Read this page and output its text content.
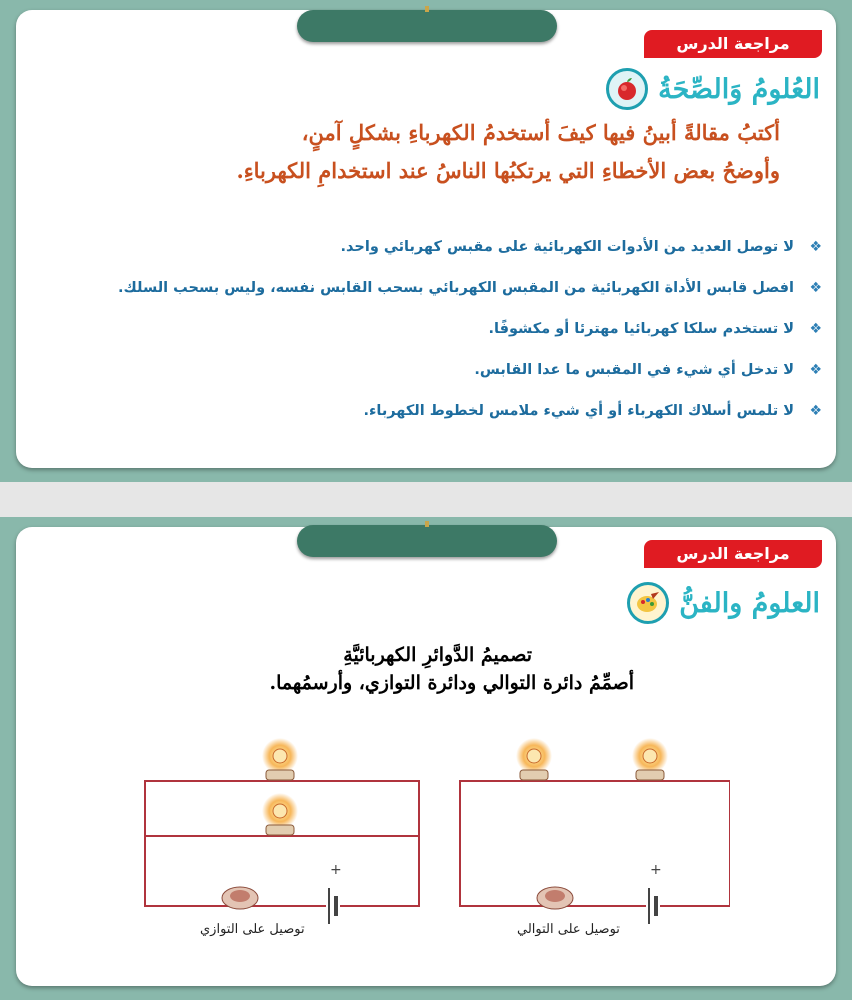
مراجعة الدرس
العُلومُ وَالصِّحَةُ
أكتبُ مقالةً أبينُ فيها كيفَ أستخدمُ الكهرباءِ بشكلٍ آمنٍ،
وأوضحُ بعض الأخطاءِ التي يرتكبُها الناسُ عند استخدامِ الكهرباءِ.
❖
لا توصل العديد من الأدوات الكهربائية على مقبس كهربائي واحد.
❖
افصل قابس الأداة الكهربائية من المقبس الكهربائي بسحب القابس نفسه، وليس بسحب السلك.
❖
لا تستخدم سلكا كهربائيا مهترئا أو مكشوفًا.
❖
لا تدخل أي شيء في المقبس ما عدا القابس.
❖
لا تلمس أسلاك الكهرباء أو أي شيء ملامس لخطوط الكهرباء.
مراجعة الدرس
العلومُ والفنُّ
تصميمُ الدَّوائرِ الكهربائيَّةِ
أصمِّمُ دائرة التوالي ودائرة التوازي، وأرسمُهما.
+	+
توصيل على التوازي	توصيل على التوالي
